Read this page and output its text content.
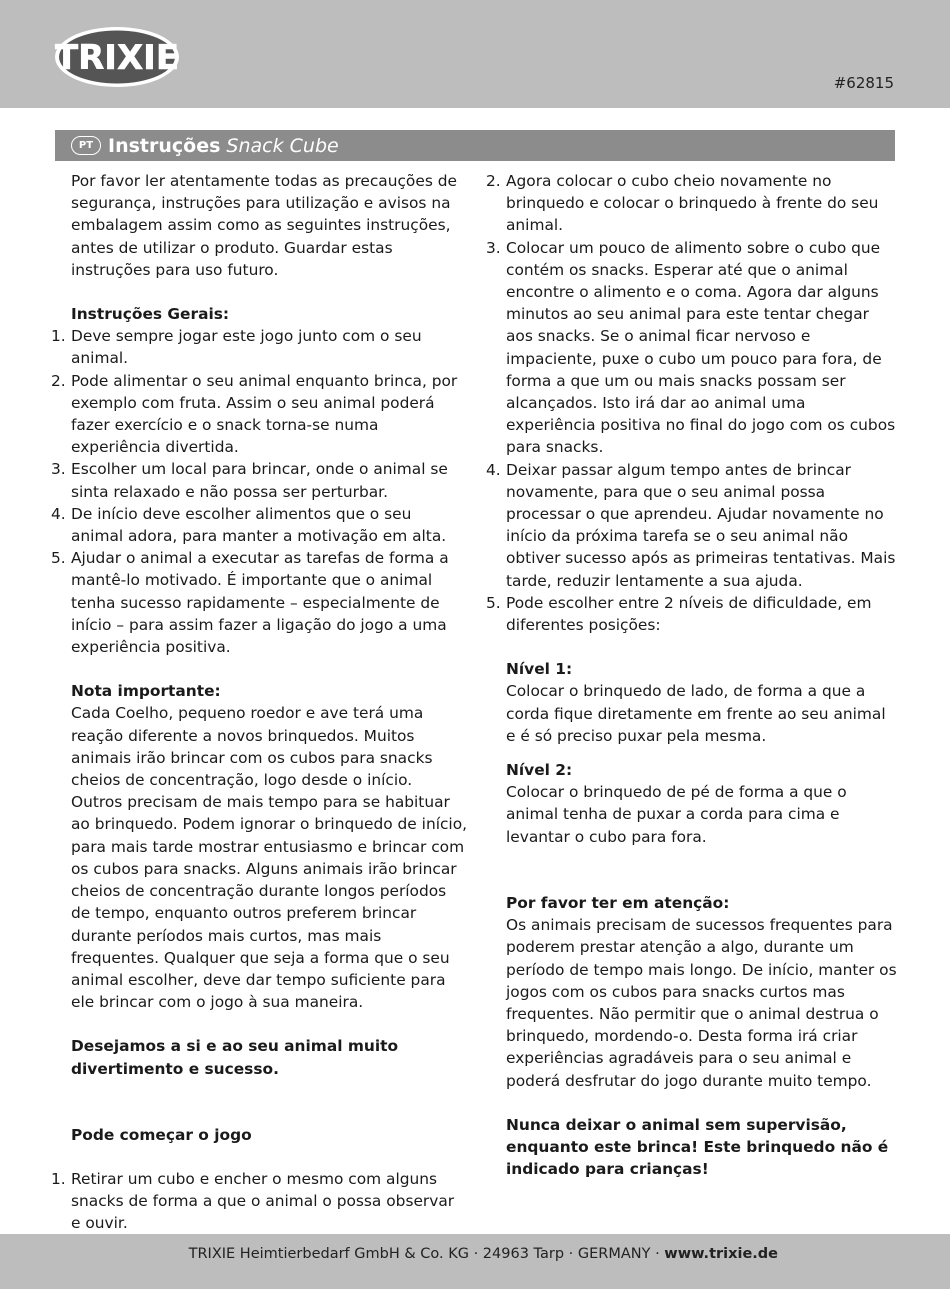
TRIXIE
#62815
PT Instruções Snack Cube

Por favor ler atentamente todas as precauções de segurança, instruções para utilização e avisos na embalagem assim como as seguintes instruções, antes de utilizar o produto. Guardar estas instruções para uso futuro.

Instruções Gerais:

1. Deve sempre jogar este jogo junto com o seu animal.
2. Pode alimentar o seu animal enquanto brinca, por exemplo com fruta. Assim o seu animal poderá fazer exercício e o snack torna-se numa experiência divertida.
3. Escolher um local para brincar, onde o animal se sinta relaxado e não possa ser perturbar.
4. De início deve escolher alimentos que o seu animal adora, para manter a motivação em alta.
5. Ajudar o animal a executar as tarefas de forma a mantê-lo motivado. É importante que o animal tenha sucesso rapidamente – especialmente de início – para assim fazer a ligação do jogo a uma experiência positiva.

Nota importante:

Cada Coelho, pequeno roedor e ave terá uma reação diferente a novos brinquedos. Muitos animais irão brincar com os cubos para snacks cheios de concentração, logo desde o início. Outros precisam de mais tempo para se habituar ao brinquedo. Podem ignorar o brinquedo de início, para mais tarde mostrar entusiasmo e brincar com os cubos para snacks. Alguns animais irão brincar cheios de concentração durante longos períodos de tempo, enquanto outros preferem brincar durante períodos mais curtos, mas mais frequentes. Qualquer que seja a forma que o seu animal escolher, deve dar tempo suficiente para ele brincar com o jogo à sua maneira.

Desejamos a si e ao seu animal muito divertimento e sucesso.

Pode começar o jogo

1. Retirar um cubo e encher o mesmo com alguns snacks de forma a que o animal o possa observar e ouvir.
2. Agora colocar o cubo cheio novamente no brinquedo e colocar o brinquedo à frente do seu animal.
3. Colocar um pouco de alimento sobre o cubo que contém os snacks. Esperar até que o animal encontre o alimento e o coma. Agora dar alguns minutos ao seu animal para este tentar chegar aos snacks. Se o animal ficar nervoso e impaciente, puxe o cubo um pouco para fora, de forma a que um ou mais snacks possam ser alcançados. Isto irá dar ao animal uma experiência positiva no final do jogo com os cubos para snacks.
4. Deixar passar algum tempo antes de brincar novamente, para que o seu animal possa processar o que aprendeu. Ajudar novamente no início da próxima tarefa se o seu animal não obtiver sucesso após as primeiras tentativas. Mais tarde, reduzir lentamente a sua ajuda.
5. Pode escolher entre 2 níveis de dificuldade, em diferentes posições:

Nível 1:

Colocar o brinquedo de lado, de forma a que a corda fique diretamente em frente ao seu animal e é só preciso puxar pela mesma.

Nível 2:

Colocar o brinquedo de pé de forma a que o animal tenha de puxar a corda para cima e levantar o cubo para fora.

Por favor ter em atenção:

Os animais precisam de sucessos frequentes para poderem prestar atenção a algo, durante um período de tempo mais longo. De início, manter os jogos com os cubos para snacks curtos mas frequentes. Não permitir que o animal destrua o brinquedo, mordendo-o. Desta forma irá criar experiências agradáveis para o seu animal e poderá desfrutar do jogo durante muito tempo.

Nunca deixar o animal sem supervisão, enquanto este brinca! Este brinquedo não é indicado para crianças!

TRIXIE Heimtierbedarf GmbH & Co. KG · 24963 Tarp · GERMANY · www.trixie.de
